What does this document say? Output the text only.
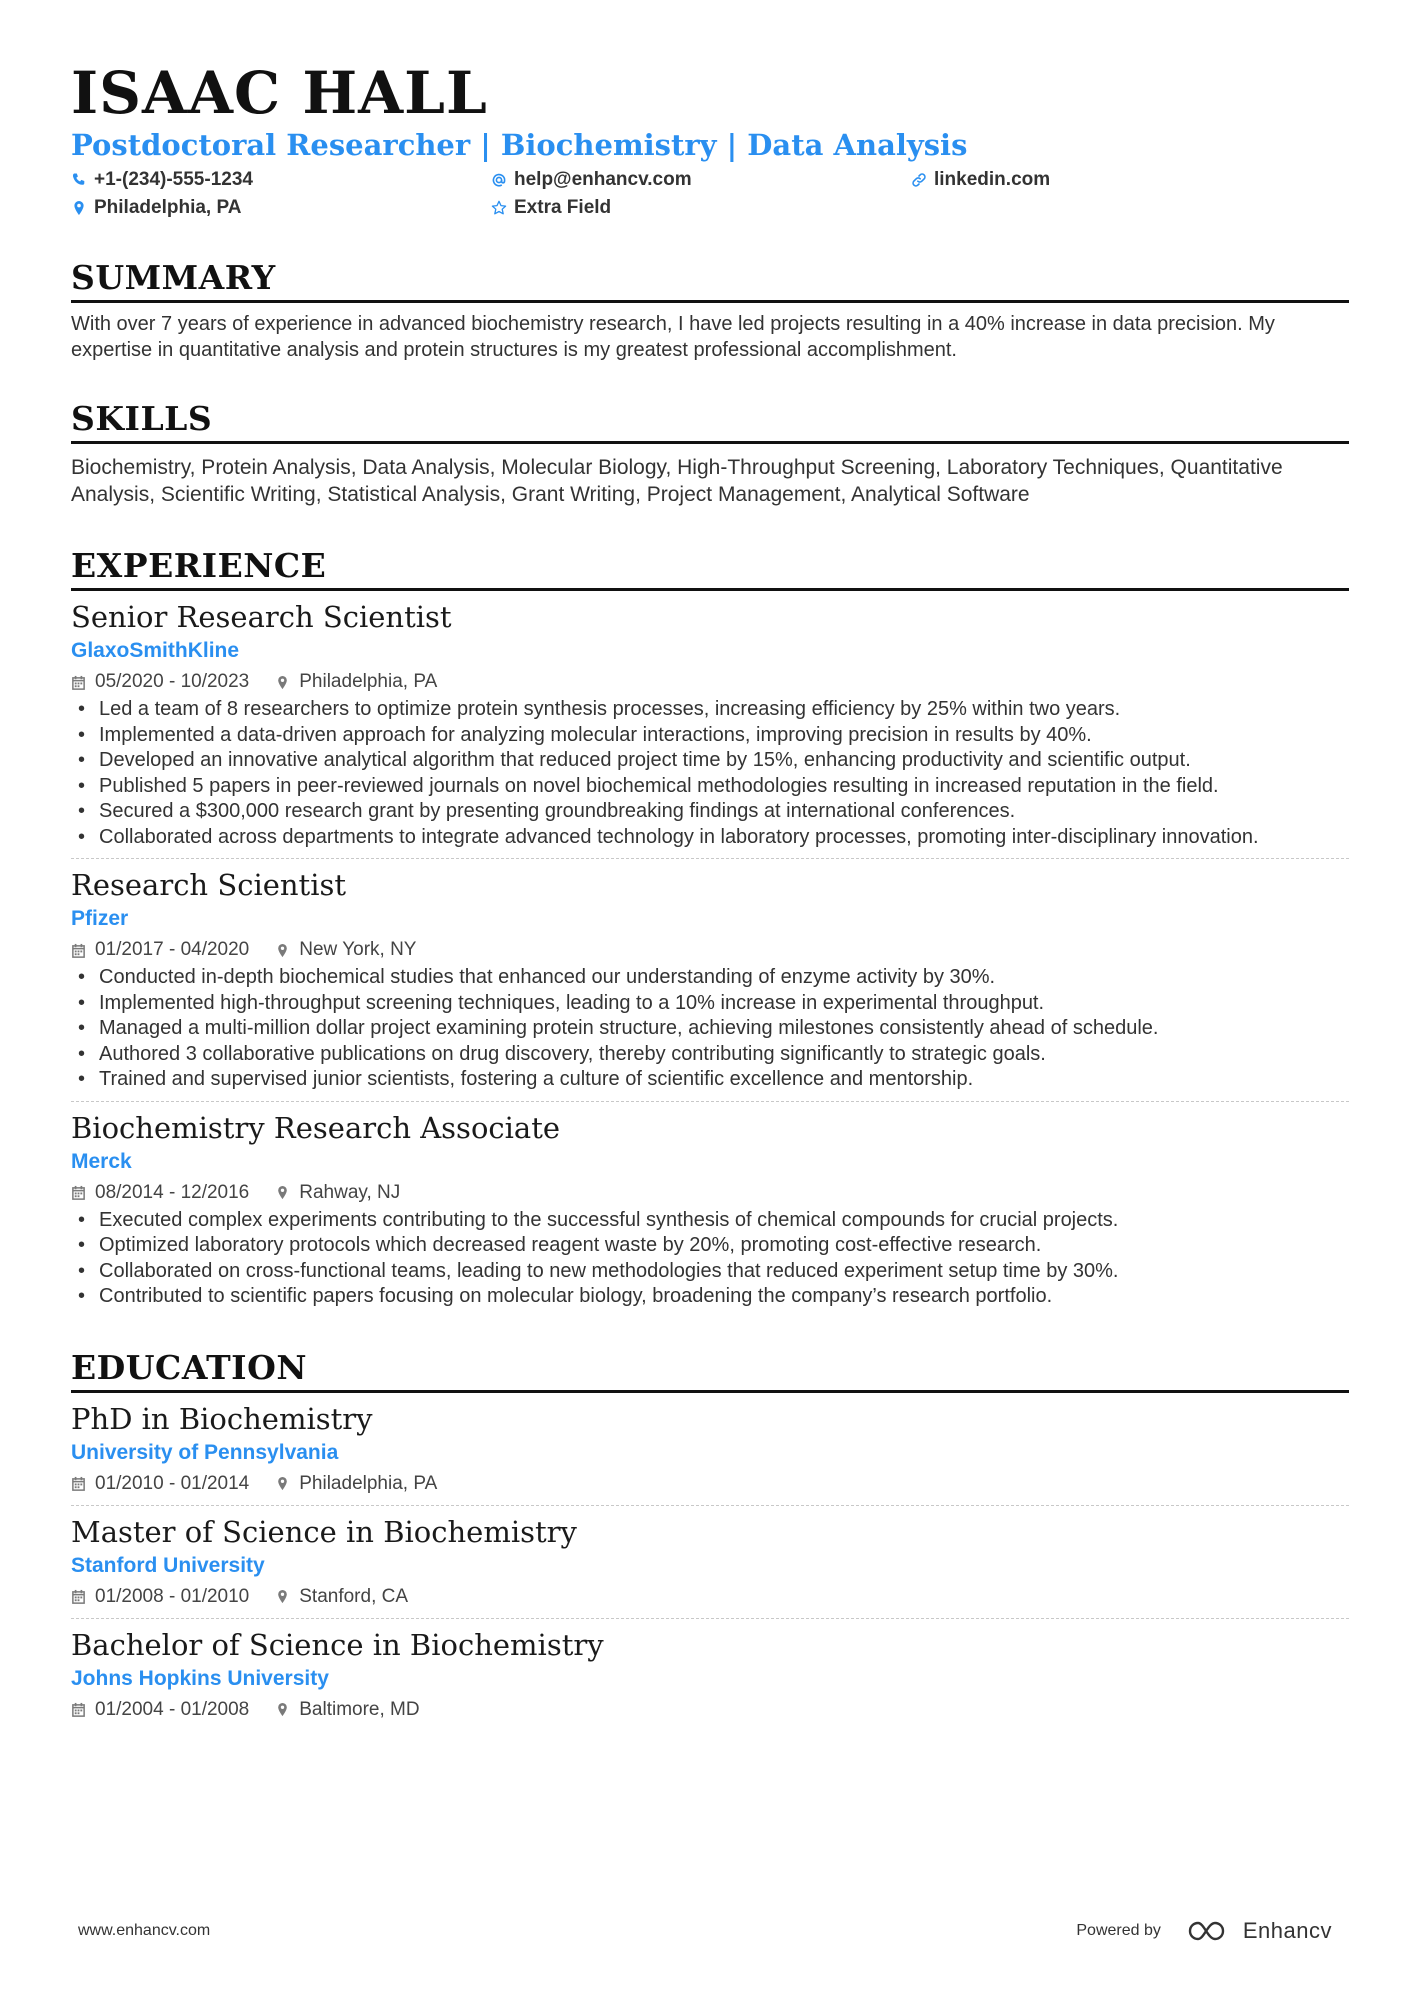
ISAAC HALL
Postdoctoral Researcher | Biochemistry | Data Analysis
+1-(234)-555-1234	help@enhancv.com	linkedin.com
Philadelphia, PA	Extra Field
SUMMARY
With over 7 years of experience in advanced biochemistry research, I have led projects resulting in a 40% increase in data precision. My expertise in quantitative analysis and protein structures is my greatest professional accomplishment.
SKILLS
Biochemistry, Protein Analysis, Data Analysis, Molecular Biology, High-Throughput Screening, Laboratory Techniques, Quantitative Analysis, Scientific Writing, Statistical Analysis, Grant Writing, Project Management, Analytical Software
EXPERIENCE
Senior Research Scientist
GlaxoSmithKline
05/2020 - 10/2023	Philadelphia, PA
• Led a team of 8 researchers to optimize protein synthesis processes, increasing efficiency by 25% within two years.
• Implemented a data-driven approach for analyzing molecular interactions, improving precision in results by 40%.
• Developed an innovative analytical algorithm that reduced project time by 15%, enhancing productivity and scientific output.
• Published 5 papers in peer-reviewed journals on novel biochemical methodologies resulting in increased reputation in the field.
• Secured a $300,000 research grant by presenting groundbreaking findings at international conferences.
• Collaborated across departments to integrate advanced technology in laboratory processes, promoting inter-disciplinary innovation.
Research Scientist
Pfizer
01/2017 - 04/2020	New York, NY
• Conducted in-depth biochemical studies that enhanced our understanding of enzyme activity by 30%.
• Implemented high-throughput screening techniques, leading to a 10% increase in experimental throughput.
• Managed a multi-million dollar project examining protein structure, achieving milestones consistently ahead of schedule.
• Authored 3 collaborative publications on drug discovery, thereby contributing significantly to strategic goals.
• Trained and supervised junior scientists, fostering a culture of scientific excellence and mentorship.
Biochemistry Research Associate
Merck
08/2014 - 12/2016	Rahway, NJ
• Executed complex experiments contributing to the successful synthesis of chemical compounds for crucial projects.
• Optimized laboratory protocols which decreased reagent waste by 20%, promoting cost-effective research.
• Collaborated on cross-functional teams, leading to new methodologies that reduced experiment setup time by 30%.
• Contributed to scientific papers focusing on molecular biology, broadening the company’s research portfolio.
EDUCATION
PhD in Biochemistry
University of Pennsylvania
01/2010 - 01/2014	Philadelphia, PA
Master of Science in Biochemistry
Stanford University
01/2008 - 01/2010	Stanford, CA
Bachelor of Science in Biochemistry
Johns Hopkins University
01/2004 - 01/2008	Baltimore, MD
www.enhancv.com	Powered by	Enhancv
